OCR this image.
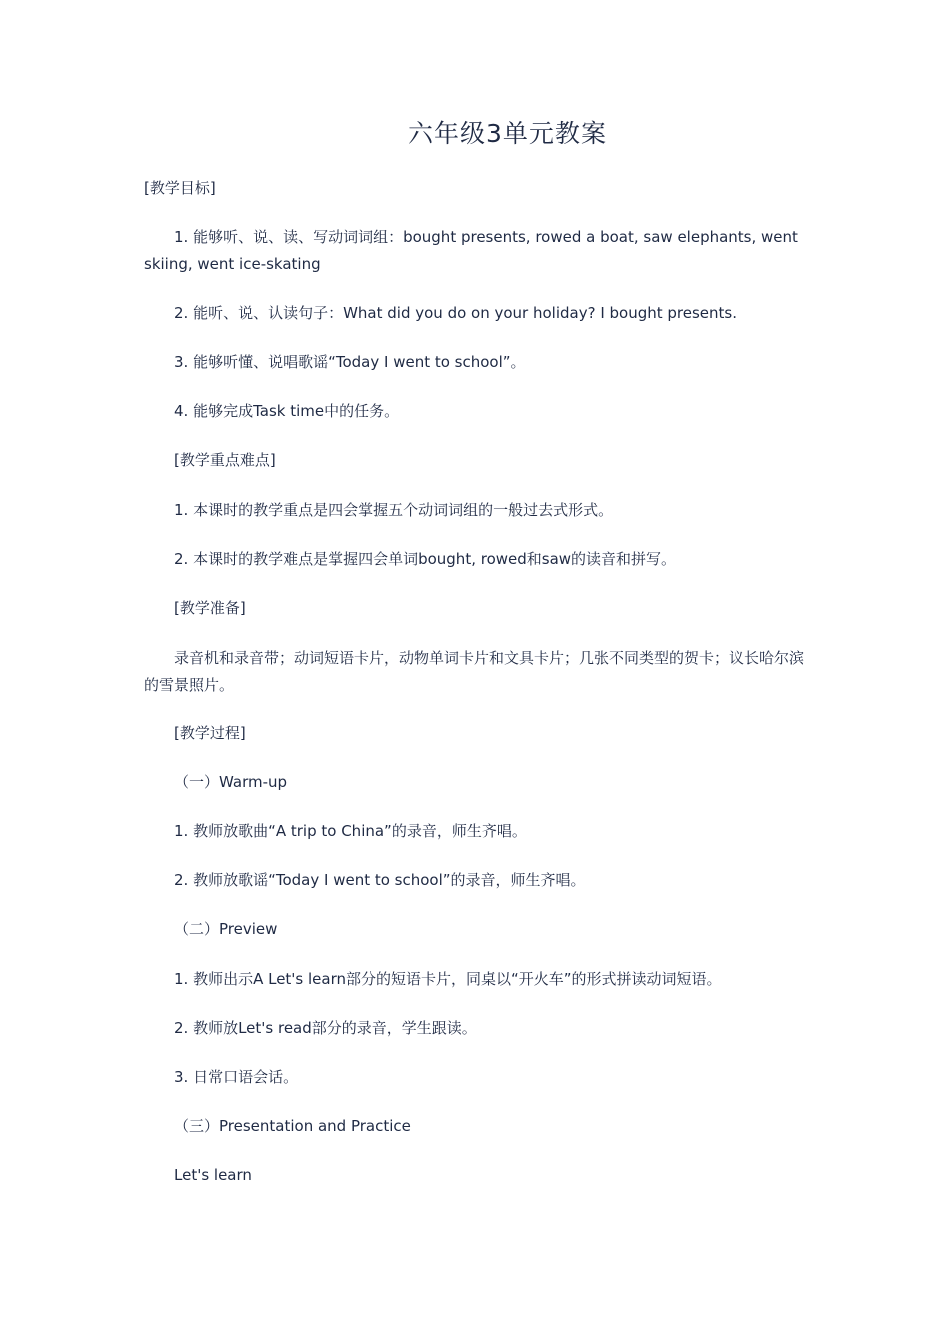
六年级3单元教案
[教学目标]
1. 能够听、说、读、写动词词组：bought presents, rowed a boat, saw elephants, went skiing, went ice-skating
2. 能听、说、认读句子：What did you do on your holiday? I bought presents.
3. 能够听懂、说唱歌谣“Today I went to school”。
4. 能够完成Task time中的任务。
[教学重点难点]
1. 本课时的教学重点是四会掌握五个动词词组的一般过去式形式。
2. 本课时的教学难点是掌握四会单词bought, rowed和saw的读音和拼写。
[教学准备]
录音机和录音带；动词短语卡片，动物单词卡片和文具卡片；几张不同类型的贺卡；议长哈尔滨的雪景照片。
[教学过程]
（一）Warm-up
1. 教师放歌曲“A trip to China”的录音，师生齐唱。
2. 教师放歌谣“Today I went to school”的录音，师生齐唱。
（二）Preview
1. 教师出示A Let's learn部分的短语卡片，同桌以“开火车”的形式拼读动词短语。
2. 教师放Let's read部分的录音，学生跟读。
3. 日常口语会话。
（三）Presentation and Practice
Let's learn
